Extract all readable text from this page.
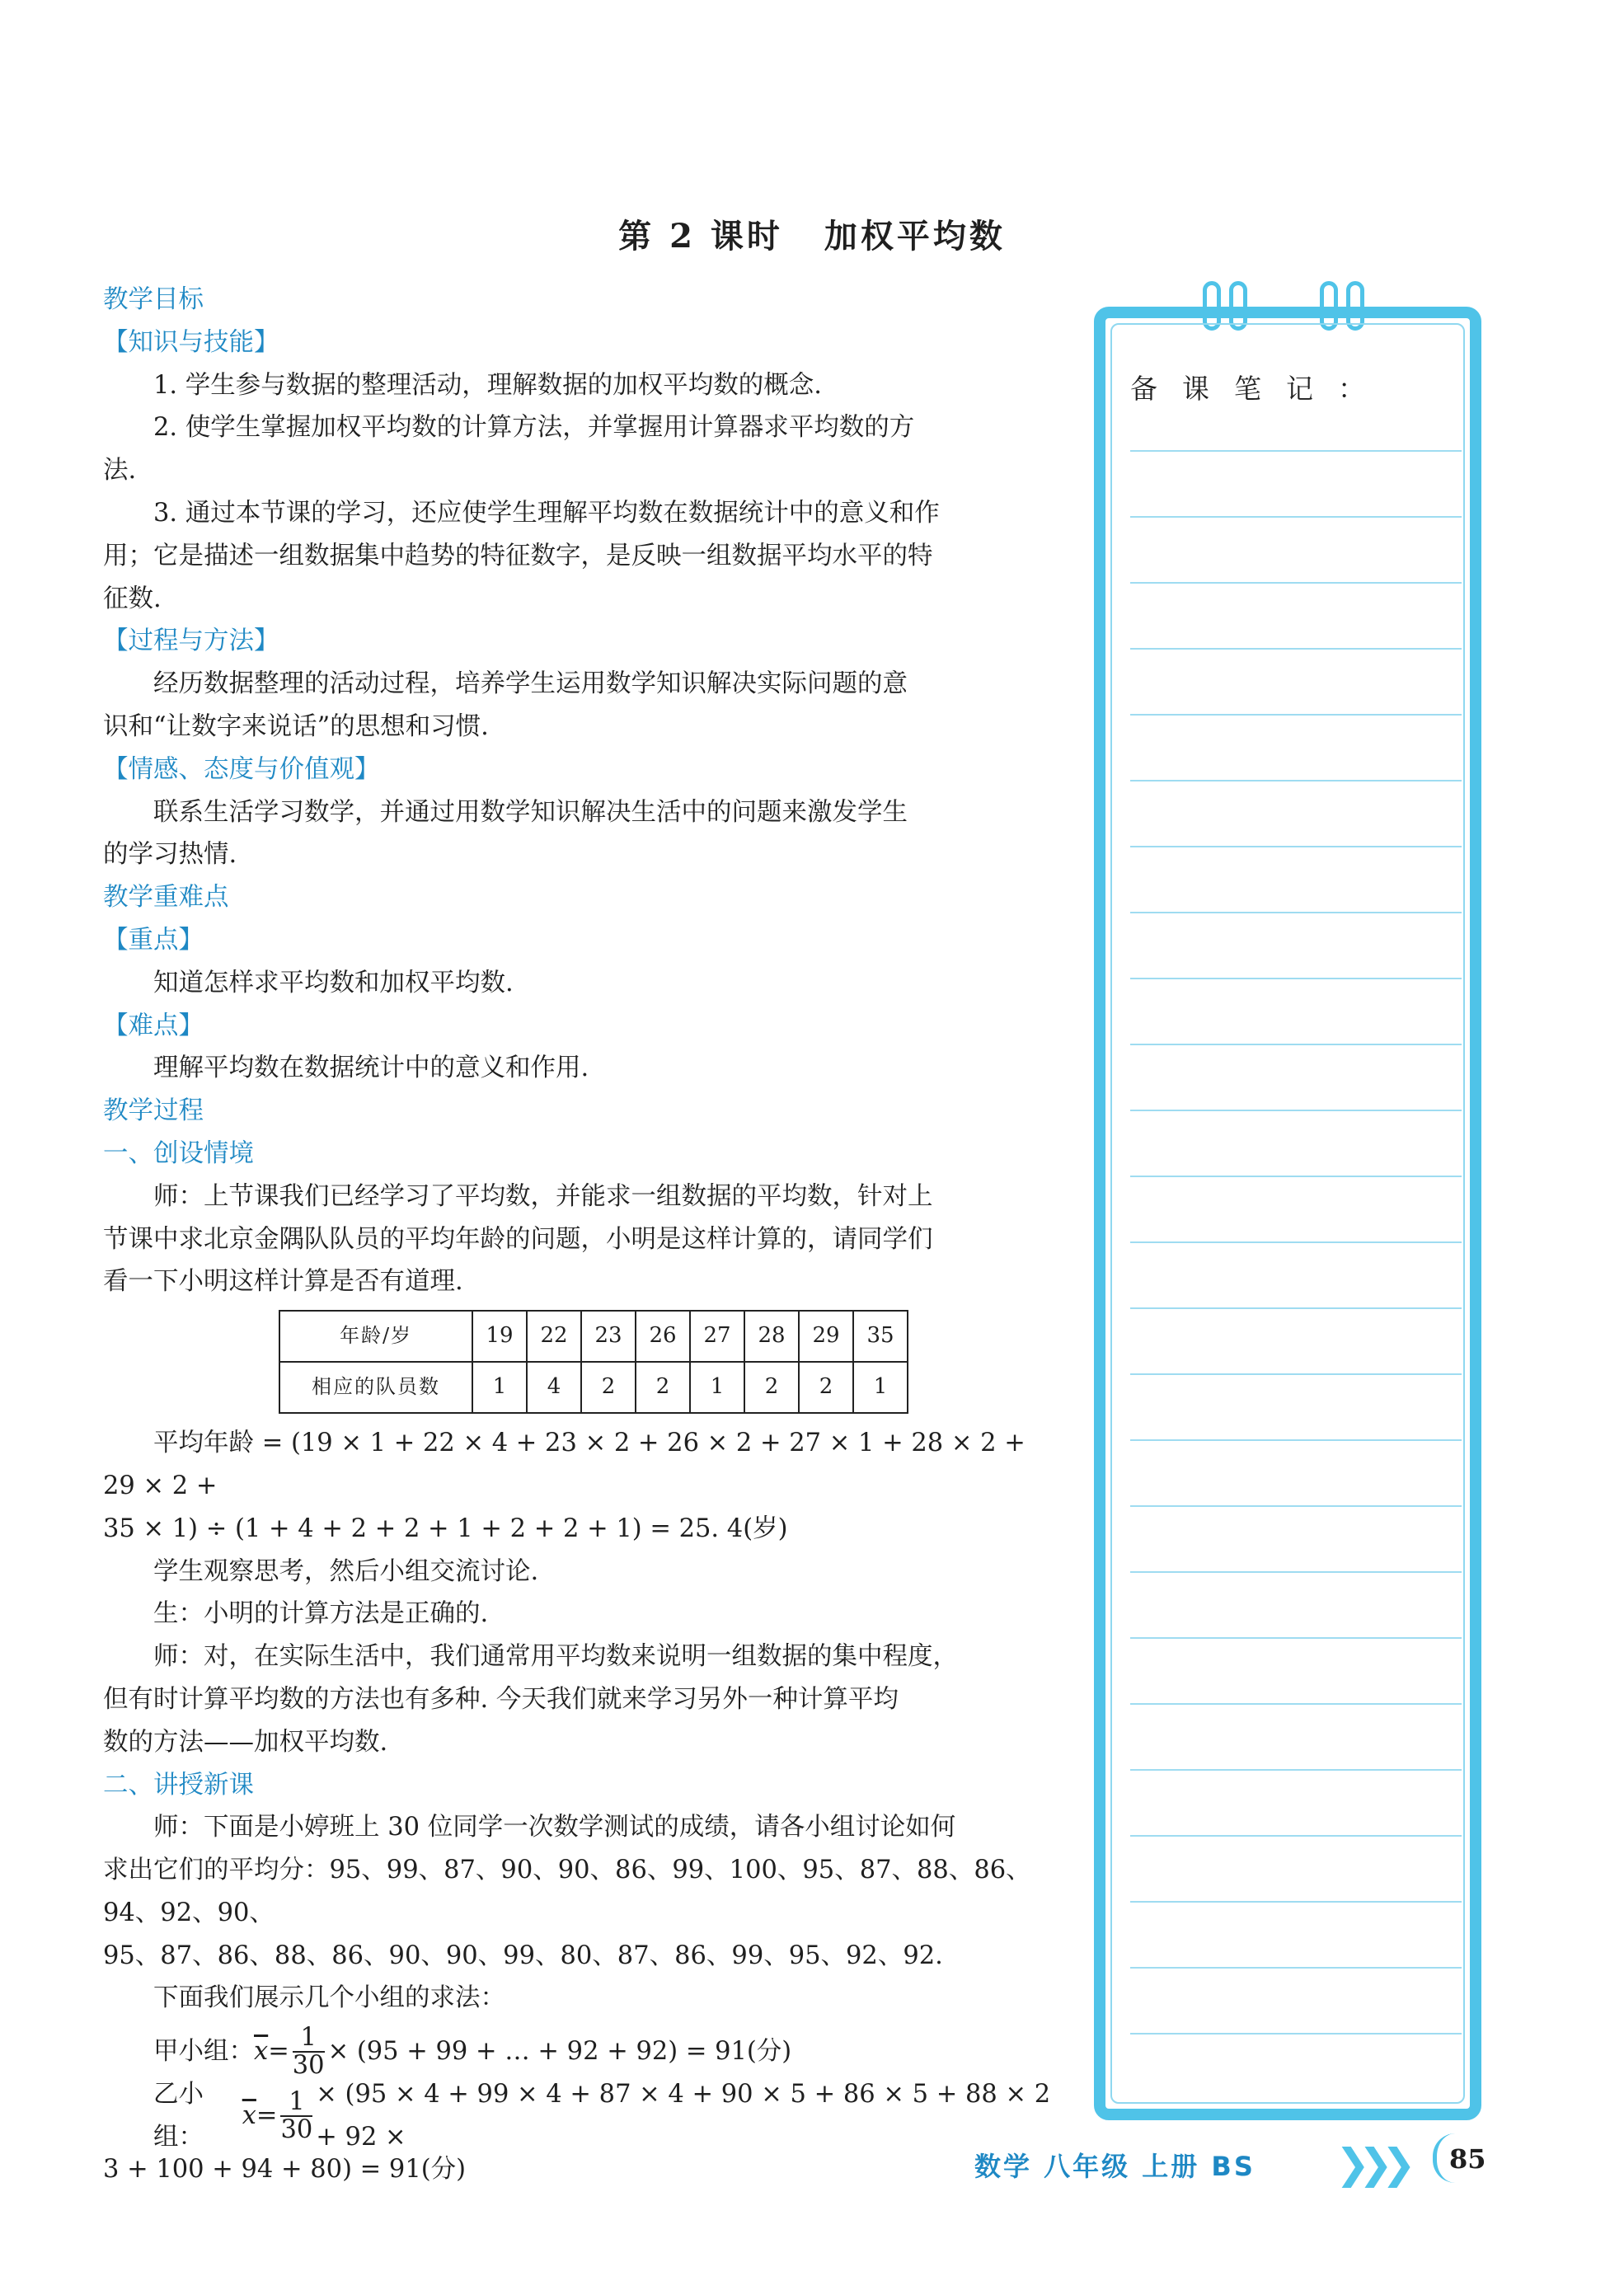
第 2 课时 加权平均数

教学目标

【知识与技能】

1. 学生参与数据的整理活动，理解数据的加权平均数的概念.

2. 使学生掌握加权平均数的计算方法，并掌握用计算器求平均数的方

法.

3. 通过本节课的学习，还应使学生理解平均数在数据统计中的意义和作

用；它是描述一组数据集中趋势的特征数字，是反映一组数据平均水平的特

征数.

【过程与方法】

经历数据整理的活动过程，培养学生运用数学知识解决实际问题的意

识和“让数字来说话”的思想和习惯.

【情感、态度与价值观】

联系生活学习数学，并通过用数学知识解决生活中的问题来激发学生

的学习热情.

教学重难点

【重点】

知道怎样求平均数和加权平均数.

【难点】

理解平均数在数据统计中的意义和作用.

教学过程

一、创设情境

师：上节课我们已经学习了平均数，并能求一组数据的平均数，针对上

节课中求北京金隅队队员的平均年龄的问题，小明是这样计算的，请同学们

看一下小明这样计算是否有道理.

年龄/岁	19	22	23	26	27	28	29	35
相应的队员数	1	4	2	2	1	2	2	1

平均年龄 = (19 × 1 + 22 × 4 + 23 × 2 + 26 × 2 + 27 × 1 + 28 × 2 + 29 × 2 +

35 × 1) ÷ (1 + 4 + 2 + 2 + 1 + 2 + 2 + 1) = 25. 4(岁)

学生观察思考，然后小组交流讨论.

生：小明的计算方法是正确的.

师：对，在实际生活中，我们通常用平均数来说明一组数据的集中程度，

但有时计算平均数的方法也有多种. 今天我们就来学习另外一种计算平均

数的方法——加权平均数.

二、讲授新课

师：下面是小婷班上 30 位同学一次数学测试的成绩，请各小组讨论如何

求出它们的平均分：95、99、87、90、90、86、99、100、95、87、88、86、94、92、90、

95、87、86、88、86、90、90、99、80、87、86、99、95、92、92.

下面我们展示几个小组的求法：

甲小组： $\overline{x} = \frac{1}{30} \times (95 + 99$ + … + 92 + 92) = 91(分)
乙小组：
$\overline{x} = \frac{1}{30} \times (95 \times 4 + 99 \times 4 + 87 \times 4 + 90 \times 5 + 86 \times 5 + 88 \times 2 + 92$ ×

3 + 100 + 94 + 80) = 91(分)

备课笔记：
数学 八年级 上册 BS ❯❯❯ 85
